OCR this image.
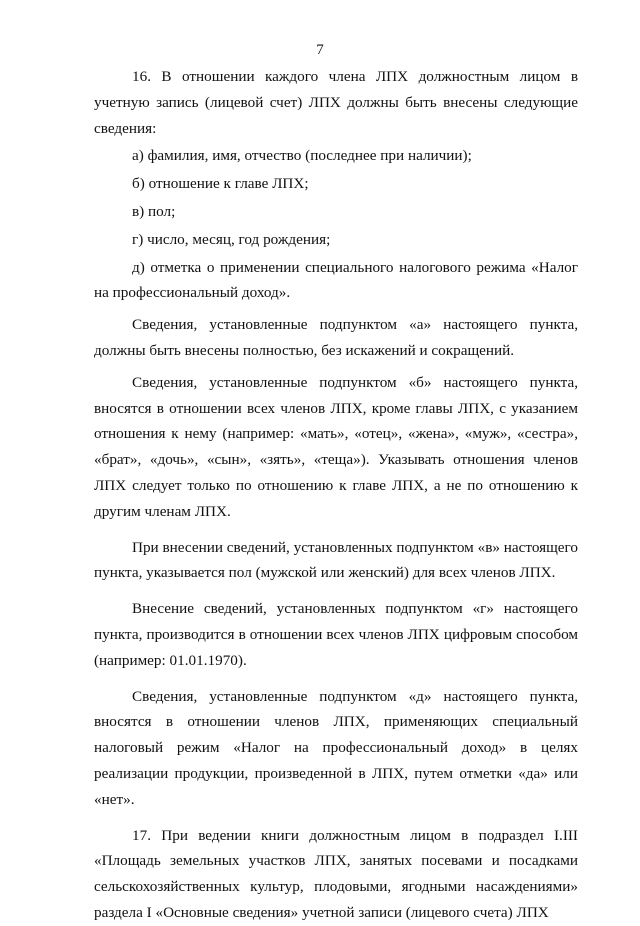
7

16. В отношении каждого члена ЛПХ должностным лицом в учетную запись (лицевой счет) ЛПХ должны быть внесены следующие сведения:

а) фамилия, имя, отчество (последнее при наличии);

б) отношение к главе ЛПХ;

в) пол;

г) число, месяц, год рождения;

д) отметка о применении специального налогового режима «Налог на профессиональный доход».

Сведения, установленные подпунктом «а» настоящего пункта, должны быть внесены полностью, без искажений и сокращений.

Сведения, установленные подпунктом «б» настоящего пункта, вносятся в отношении всех членов ЛПХ, кроме главы ЛПХ, с указанием отношения к нему (например: «мать», «отец», «жена», «муж», «сестра», «брат», «дочь», «сын», «зять», «теща»). Указывать отношения членов ЛПХ следует только по отношению к главе ЛПХ, а не по отношению к другим членам ЛПХ.

При внесении сведений, установленных подпунктом «в» настоящего пункта, указывается пол (мужской или женский) для всех членов ЛПХ.

Внесение сведений, установленных подпунктом «г» настоящего пункта, производится в отношении всех членов ЛПХ цифровым способом (например: 01.01.1970).

Сведения, установленные подпунктом «д» настоящего пункта, вносятся в отношении членов ЛПХ, применяющих специальный налоговый режим «Налог на профессиональный доход» в целях реализации продукции, произведенной в ЛПХ, путем отметки «да» или «нет».

17. При ведении книги должностным лицом в подраздел I.III «Площадь земельных участков ЛПХ, занятых посевами и посадками сельскохозяйственных культур, плодовыми, ягодными насаждениями» раздела I «Основные сведения» учетной записи (лицевого счета) ЛПХ
